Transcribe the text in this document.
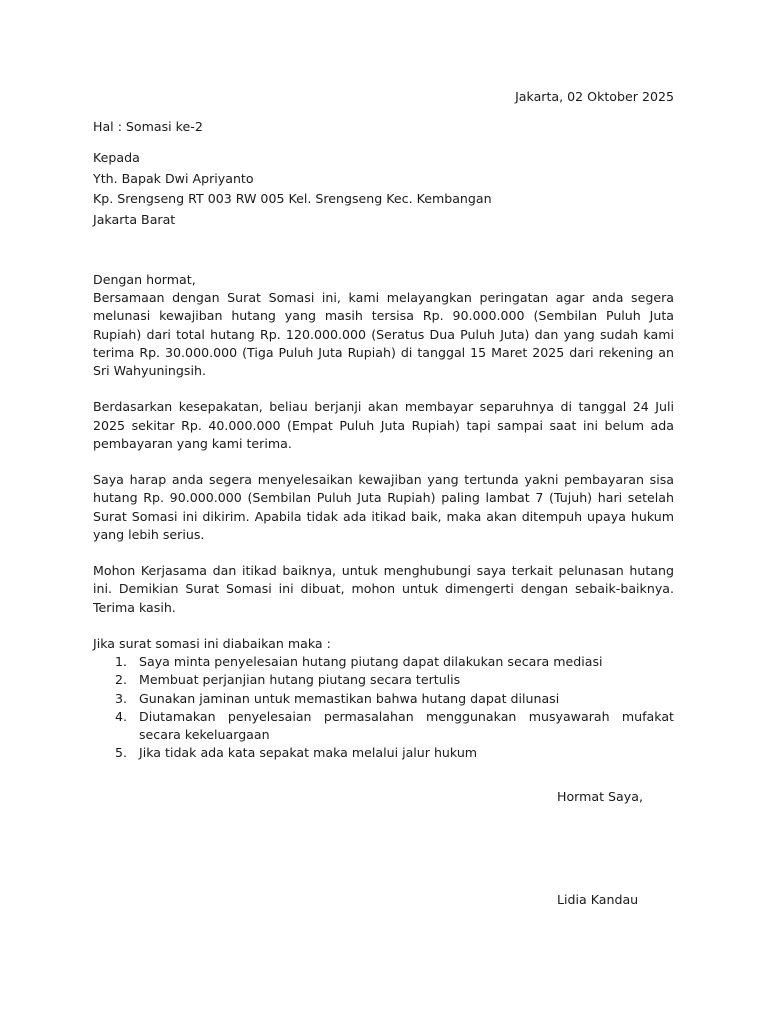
Jakarta, 02 Oktober 2025
Hal : Somasi ke-2
Kepada
Yth. Bapak Dwi Apriyanto
Kp. Srengseng RT 003 RW 005 Kel. Srengseng Kec. Kembangan
Jakarta Barat
Dengan hormat,
Bersamaan dengan Surat Somasi ini, kami melayangkan peringatan agar anda segera melunasi kewajiban hutang yang masih tersisa Rp. 90.000.000 (Sembilan Puluh Juta Rupiah) dari total hutang Rp. 120.000.000 (Seratus Dua Puluh Juta) dan yang sudah kami terima Rp. 30.000.000 (Tiga Puluh Juta Rupiah) di tanggal 15 Maret 2025 dari rekening an Sri Wahyuningsih.
Berdasarkan kesepakatan, beliau berjanji akan membayar separuhnya di tanggal 24 Juli 2025 sekitar Rp. 40.000.000 (Empat Puluh Juta Rupiah) tapi sampai saat ini belum ada pembayaran yang kami terima.
Saya harap anda segera menyelesaikan kewajiban yang tertunda yakni pembayaran sisa hutang Rp. 90.000.000 (Sembilan Puluh Juta Rupiah) paling lambat 7 (Tujuh) hari setelah Surat Somasi ini dikirim. Apabila tidak ada itikad baik, maka akan ditempuh upaya hukum yang lebih serius.
Mohon Kerjasama dan itikad baiknya, untuk menghubungi saya terkait pelunasan hutang ini. Demikian Surat Somasi ini dibuat, mohon untuk dimengerti dengan sebaik-baiknya. Terima kasih.
Jika surat somasi ini diabaikan maka :
1. Saya minta penyelesaian hutang piutang dapat dilakukan secara mediasi
2. Membuat perjanjian hutang piutang secara tertulis
3. Gunakan jaminan untuk memastikan bahwa hutang dapat dilunasi
4. Diutamakan penyelesaian permasalahan menggunakan musyawarah mufakat secara kekeluargaan
5. Jika tidak ada kata sepakat maka melalui jalur hukum
Hormat Saya,
Lidia Kandau
